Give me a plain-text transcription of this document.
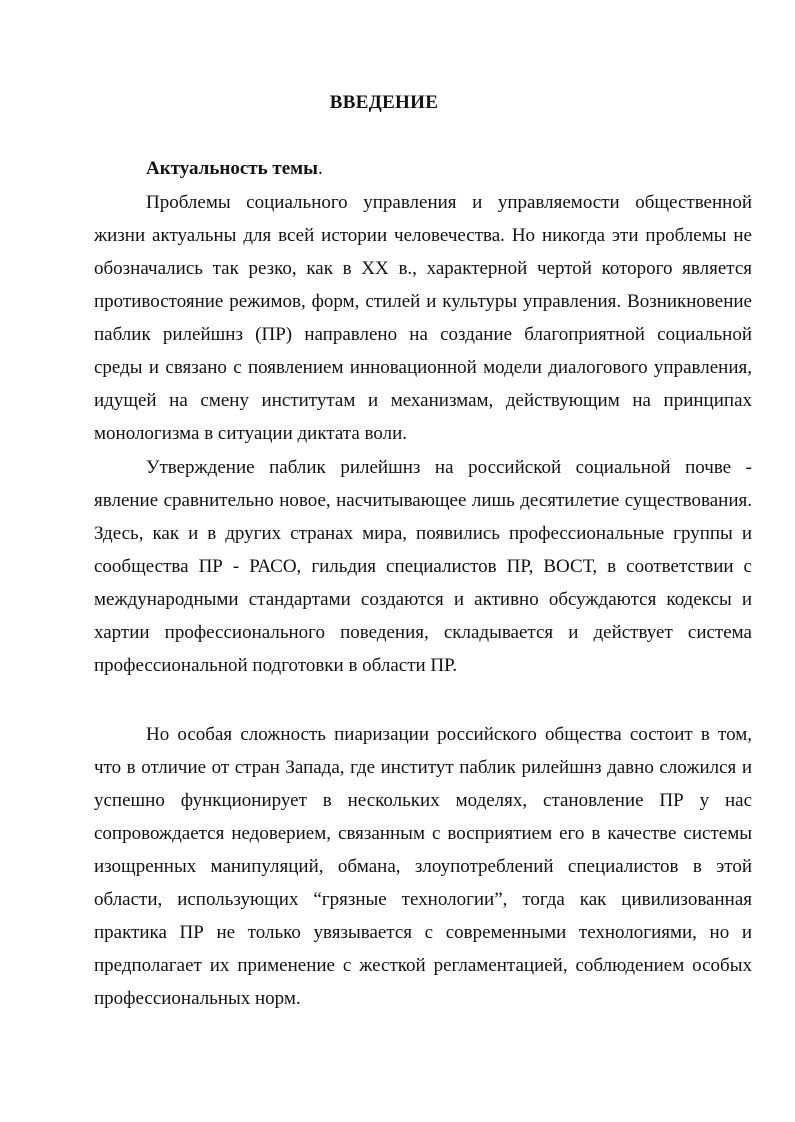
ВВЕДЕНИЕ
Актуальность темы.

Проблемы социального управления и управляемости общественной жизни актуальны для всей истории человечества. Но никогда эти проблемы не обозначались так резко, как в XX в., характерной чертой которого является противостояние режимов, форм, стилей и культуры управления. Возникновение паблик рилейшнз (ПР) направлено на создание благоприятной социальной среды и связано с появлением инновационной модели диалогового управления, идущей на смену институтам и механизмам, действующим на принципах монологизма в ситуации диктата воли.

Утверждение паблик рилейшнз на российской социальной почве - явление сравнительно новое, насчитывающее лишь десятилетие существования. Здесь, как и в других странах мира, появились профессиональные группы и сообщества ПР - РАСО, гильдия специалистов ПР, ВОСТ, в соответствии с международными стандартами создаются и активно обсуждаются кодексы и хартии профессионального поведения, складывается и действует система профессиональной подготовки в области ПР.

Но особая сложность пиаризации российского общества состоит в том, что в отличие от стран Запада, где институт паблик рилейшнз давно сложился и успешно функционирует в нескольких моделях, становление ПР у нас сопровождается недоверием, связанным с восприятием его в качестве системы изощренных манипуляций, обмана, злоупотреблений специалистов в этой области, использующих “грязные технологии”, тогда как цивилизованная практика ПР не только увязывается с современными технологиями, но и предполагает их применение с жесткой регламентацией, соблюдением особых профессиональных норм.
